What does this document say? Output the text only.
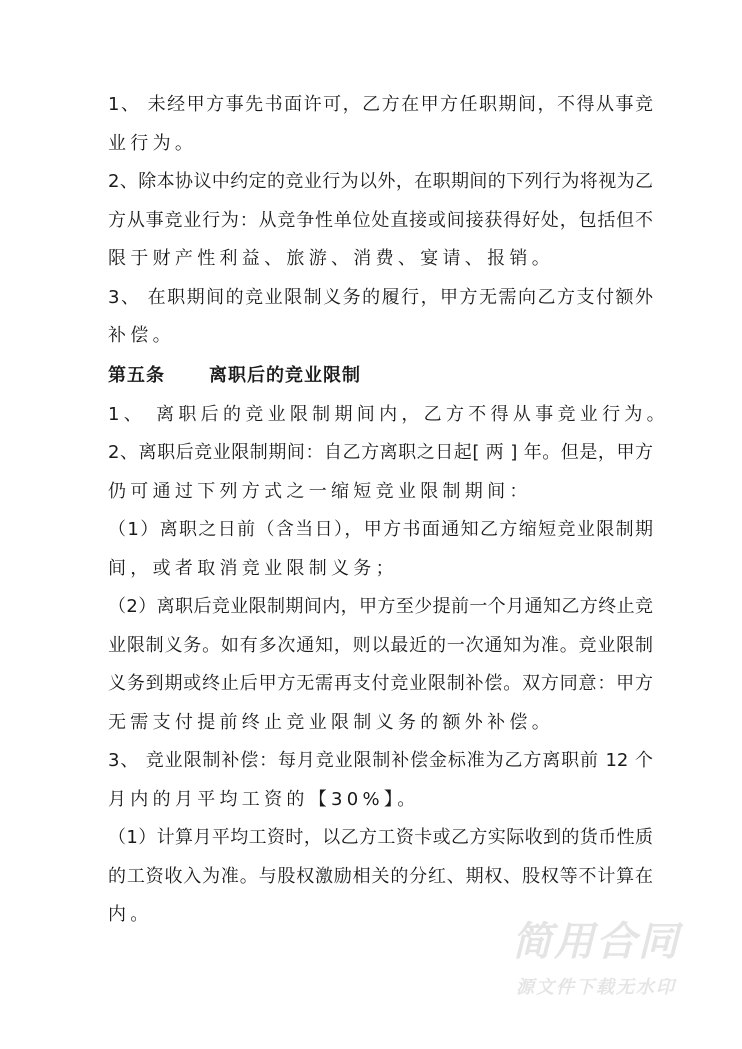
1、 未经甲方事先书面许可，乙方在甲方任职期间，不得从事竞
业行为。
2、除本协议中约定的竞业行为以外，在职期间的下列行为将视为乙
方从事竞业行为：从竞争性单位处直接或间接获得好处，包括但不
限于财产性利益、旅游、消费、宴请、报销。
3、 在职期间的竞业限制义务的履行，甲方无需向乙方支付额外
补偿。
第五条 离职后的竞业限制
1、 离职后的竞业限制期间内，乙方不得从事竞业行为。
2、离职后竞业限制期间：自乙方离职之日起[ 两 ] 年。但是，甲方
仍可通过下列方式之一缩短竞业限制期间：
（1）离职之日前（含当日），甲方书面通知乙方缩短竞业限制期
间，或者取消竞业限制义务；
（2）离职后竞业限制期间内，甲方至少提前一个月通知乙方终止竞
业限制义务。如有多次通知，则以最近的一次通知为准。竞业限制
义务到期或终止后甲方无需再支付竞业限制补偿。双方同意：甲方
无需支付提前终止竞业限制义务的额外补偿。
3、 竞业限制补偿：每月竞业限制补偿金标准为乙方离职前 12 个
月内的月平均工资的【30%】。
（1）计算月平均工资时，以乙方工资卡或乙方实际收到的货币性质
的工资收入为准。与股权激励相关的分红、期权、股权等不计算在
内。
简用合同
源文件下载无水印
